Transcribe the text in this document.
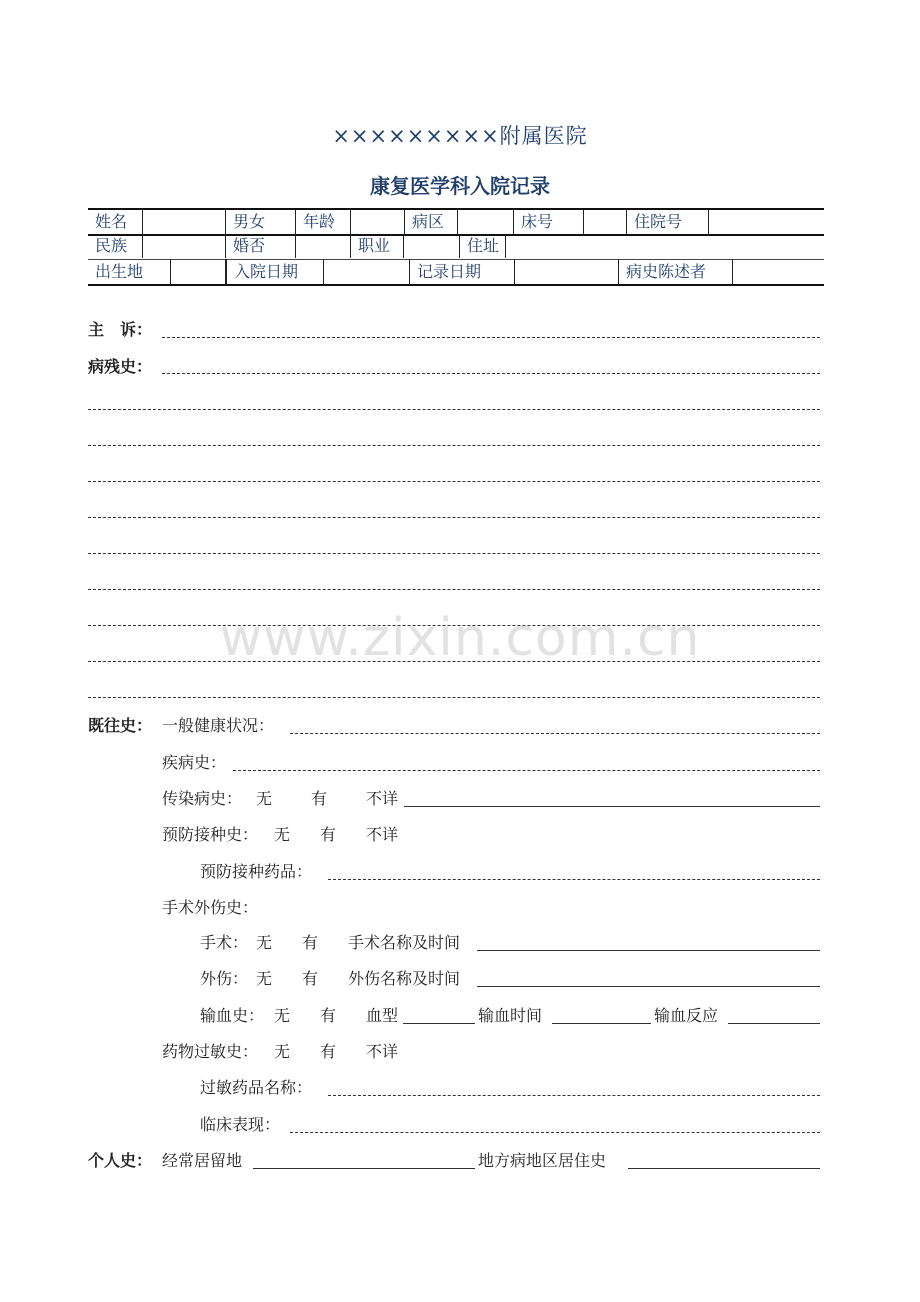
×××××××××附属医院
康复医学科入院记录
姓名		男女	年龄		病区		床号		住院号	
民族		婚否		职业		住址	
出生地			入院日期		记录日期		病史陈述者	
主　诉：
病残史：
www.zixin.com.cn
既往史： 一般健康状况：
疾病史：
传染病史： 无 有 不详
预防接种史： 无 有 不详
预防接种药品：
手术外伤史：
手术： 无 有 手术名称及时间
外伤： 无 有 外伤名称及时间
输血史： 无 有 血型	输血时间	输血反应
药物过敏史： 无 有 不详
过敏药品名称：
临床表现：
个人史： 经常居留地	地方病地区居住史
